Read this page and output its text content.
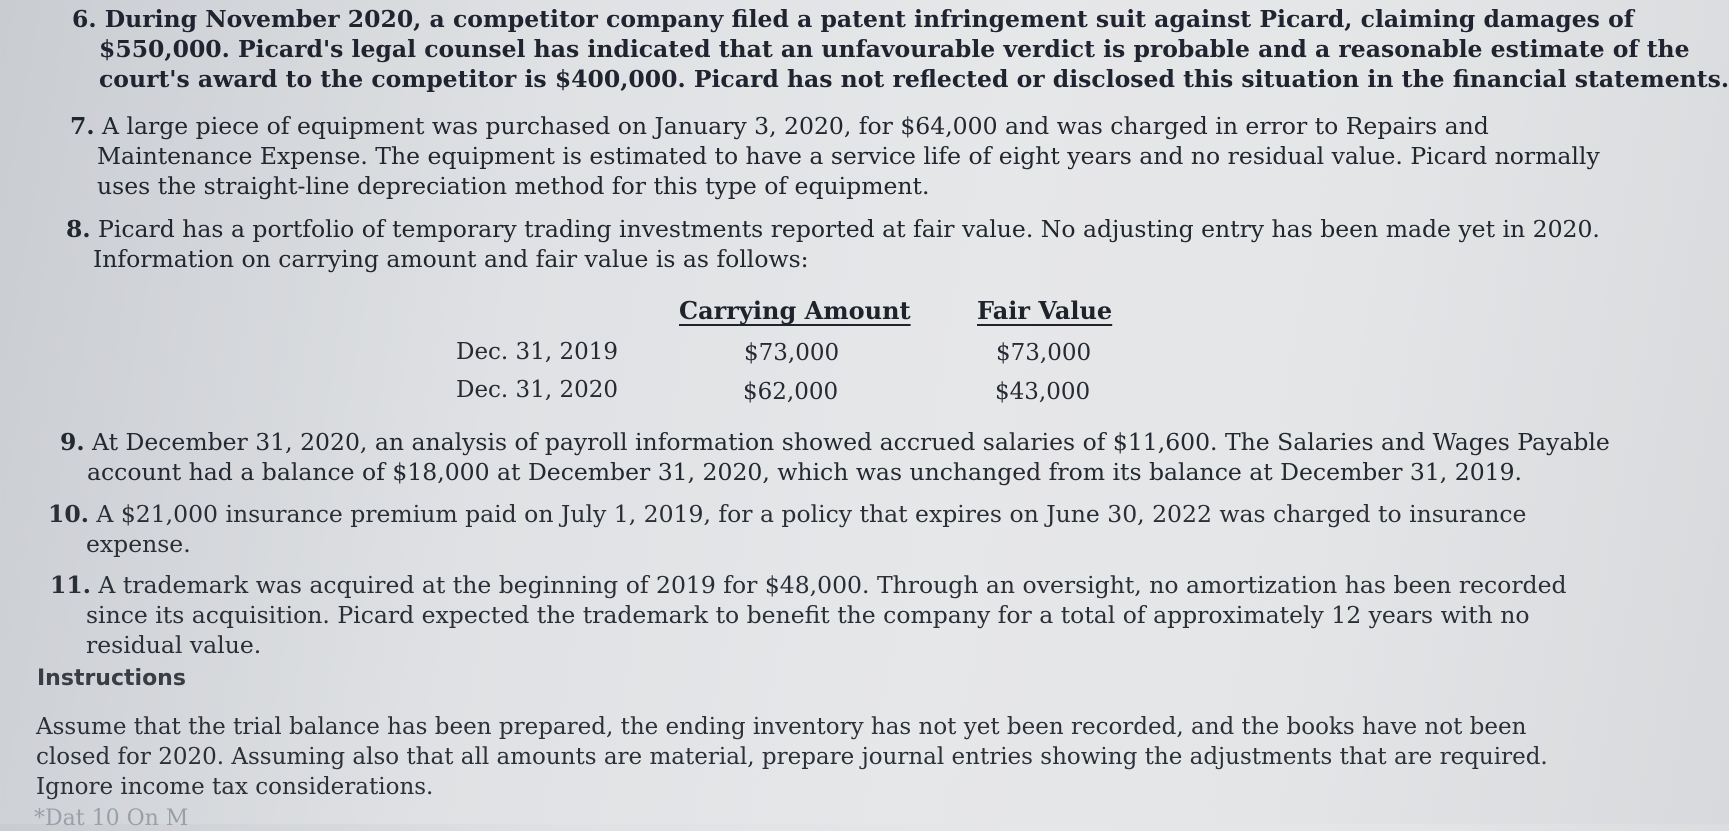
6. During November 2020, a competitor company filed a patent infringement suit against Picard, claiming damages of
$550,000. Picard's legal counsel has indicated that an unfavourable verdict is probable and a reasonable estimate of the
court's award to the competitor is $400,000. Picard has not reflected or disclosed this situation in the financial statements.
7. A large piece of equipment was purchased on January 3, 2020, for $64,000 and was charged in error to Repairs and
Maintenance Expense. The equipment is estimated to have a service life of eight years and no residual value. Picard normally
uses the straight-line depreciation method for this type of equipment.
8. Picard has a portfolio of temporary trading investments reported at fair value. No adjusting entry has been made yet in 2020.
Information on carrying amount and fair value is as follows:
Carrying Amount	Fair Value
Dec. 31, 2019	$73,000	$73,000
Dec. 31, 2020	$62,000	$43,000
9. At December 31, 2020, an analysis of payroll information showed accrued salaries of $11,600. The Salaries and Wages Payable
account had a balance of $18,000 at December 31, 2020, which was unchanged from its balance at December 31, 2019.
10. A $21,000 insurance premium paid on July 1, 2019, for a policy that expires on June 30, 2022 was charged to insurance
expense.
11. A trademark was acquired at the beginning of 2019 for $48,000. Through an oversight, no amortization has been recorded
since its acquisition. Picard expected the trademark to benefit the company for a total of approximately 12 years with no
residual value.
Instructions
Assume that the trial balance has been prepared, the ending inventory has not yet been recorded, and the books have not been
closed for 2020. Assuming also that all amounts are material, prepare journal entries showing the adjustments that are required.
Ignore income tax considerations.
*Dat 10 On M
